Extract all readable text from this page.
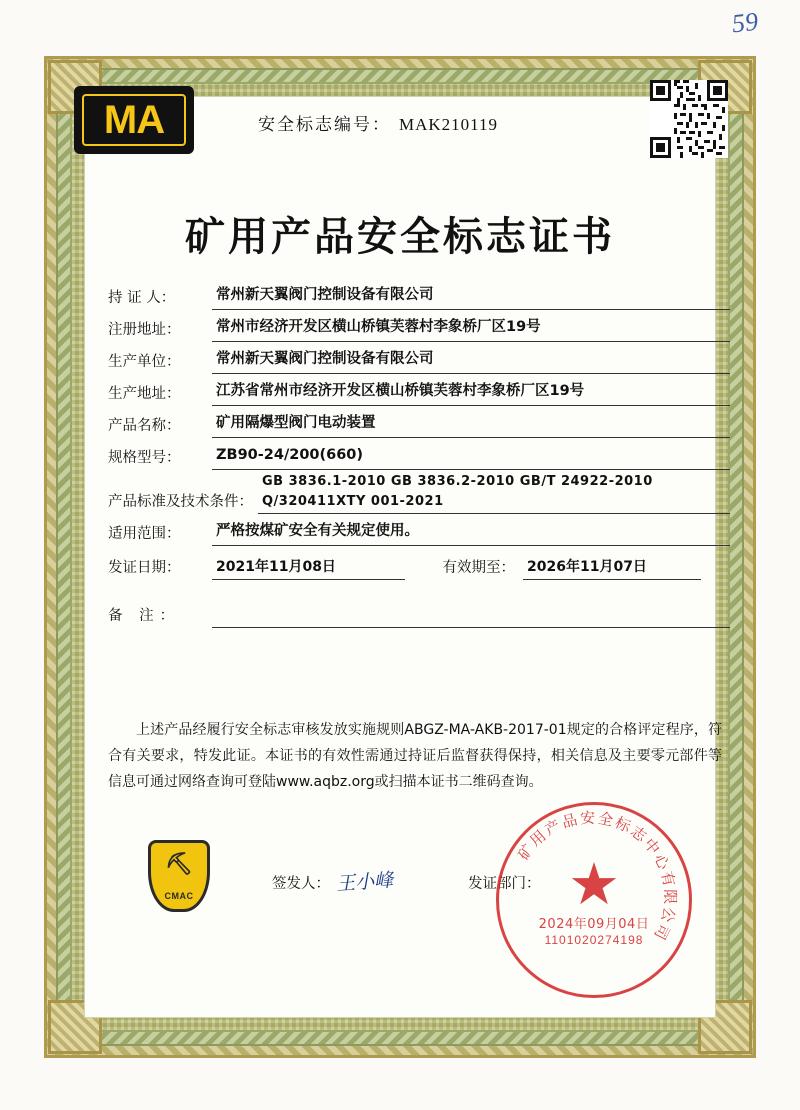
59
MA	安全标志编号： MAK210119
矿用产品安全标志证书
持 证 人：	常州新天翼阀门控制设备有限公司
注册地址：	常州市经济开发区横山桥镇芙蓉村李象桥厂区19号
生产单位：	常州新天翼阀门控制设备有限公司
生产地址：	江苏省常州市经济开发区横山桥镇芙蓉村李象桥厂区19号
产品名称：	矿用隔爆型阀门电动装置
规格型号：	ZB90-24/200(660)
产品标准及技术条件：
GB 3836.1-2010 GB 3836.2-2010 GB/T 24922-2010 Q/320411XTY 001-2021
适用范围：	严格按煤矿安全有关规定使用。
发证日期：	2021年11月08日	有效期至： 2026年11月07日
备 注：
上述产品经履行安全标志审核发放实施规则ABGZ-MA-AKB-2017-01规定的合格评定程序，符合有关要求，特发此证。本证书的有效性需通过持证后监督获得保持，相关信息及主要零元部件等信息可通过网络查询可登陆www.aqbz.org或扫描本证书二维码查询。
⛏
CMAC
签发人： 王小峰	发证部门：
矿用产品安全标志中心有限公司
★
2024年09月04日
1101020274198
